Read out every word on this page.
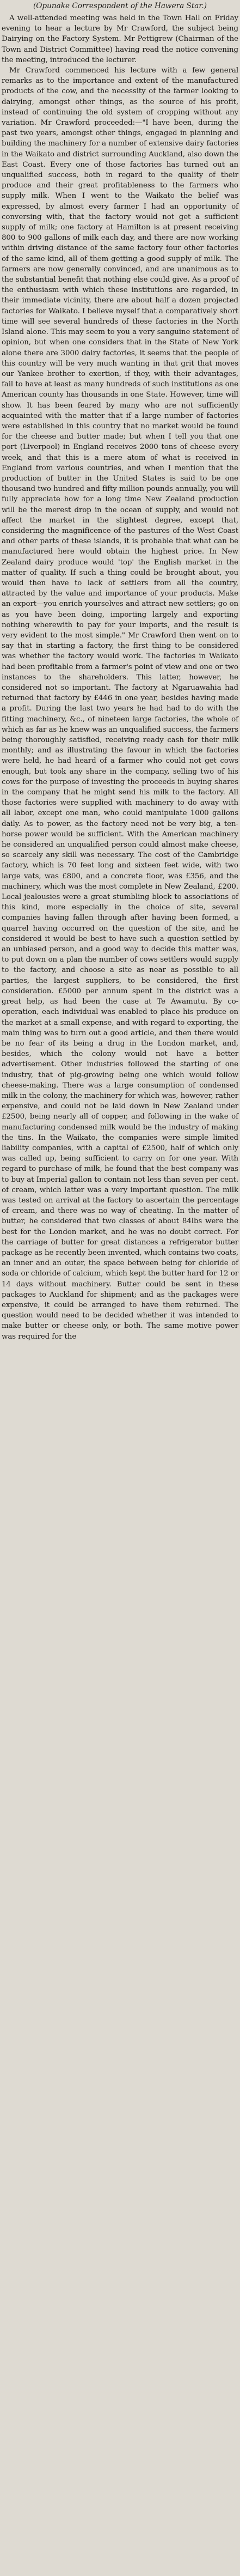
(Opunake Correspondent of the Hawera Star.)

A well-attended meeting was held in the Town Hall on Friday evening to hear a lecture by Mr Crawford, the subject being Dairying on the Factory System. Mr Pettigrew (Chairman of the Town and District Committee) having read the notice convening the meeting, introduced the lecturer.

Mr Crawford commenced his lecture with a few general remarks as to the importance and extent of the manufactured products of the cow, and the necessity of the farmer looking to dairying, amongst other things, as the source of his profit, instead of continuing the old system of cropping without any variation. Mr Crawford proceeded:—"I have been, during the past two years, amongst other things, engaged in planning and building the machinery for a number of extensive dairy factories in the Waikato and district surrounding Auckland, also down the East Coast. Every one of those factories has turned out an unqualified success, both in regard to the quality of their produce and their great profitableness to the farmers who supply milk. When I went to the Waikato the belief was expressed, by almost every farmer I had an opportunity of conversing with, that the factory would not get a sufficient supply of milk; one factory at Hamilton is at present receiving 800 to 900 gallons of milk each day, and there are now working within driving distance of the same factory four other factories of the same kind, all of them getting a good supply of milk. The farmers are now generally convinced, and are unanimous as to the substantial benefit that nothing else could give. As a proof of the enthusiasm with which these institutions are regarded, in their immediate vicinity, there are about half a dozen projected factories for Waikato. I believe myself that a comparatively short time will see several hundreds of these factories in the North Island alone. This may seem to you a very sanguine statement of opinion, but when one considers that in the State of New York alone there are 3000 dairy factories, it seems that the people of this country will be very much wanting in that grit that moves our Yankee brother to exertion, if they, with their advantages, fail to have at least as many hundreds of such institutions as one American county has thousands in one State. However, time will show. It has been feared by many who are not sufficiently acquainted with the matter that if a large number of factories were established in this country that no market would be found for the cheese and butter made; but when I tell you that one port (Liverpool) in England receives 2000 tons of cheese every week, and that this is a mere atom of what is received in England from various countries, and when I mention that the production of butter in the United States is said to be one thousand two hundred and fifty million pounds annually, you will fully appreciate how for a long time New Zealand production will be the merest drop in the ocean of supply, and would not affect the market in the slightest degree, except that, considering the magnificence of the pastures of the West Coast and other parts of these islands, it is probable that what can be manufactured here would obtain the highest price. In New Zealand dairy produce would 'top' the English market in the matter of quality. If such a thing could be brought about, you would then have to lack of settlers from all the country, attracted by the value and importance of your products. Make an export—you enrich yourselves and attract new settlers; go on as you have been doing, importing largely and exporting nothing wherewith to pay for your imports, and the result is very evident to the most simple." Mr Crawford then went on to say that in starting a factory, the first thing to be considered was whether the factory would work. The factories in Waikato had been profitable from a farmer's point of view and one or two instances to the shareholders. This latter, however, he considered not so important. The factory at Ngaruawahia had returned that factory by £446 in one year, besides having made a profit. During the last two years he had had to do with the fitting machinery, &c., of nineteen large factories, the whole of which as far as he knew was an unqualified success, the farmers being thoroughly satisfied, receiving ready cash for their milk monthly; and as illustrating the favour in which the factories were held, he had heard of a farmer who could not get cows enough, but took any share in the company, selling two of his cows for the purpose of investing the proceeds in buying shares in the company that he might send his milk to the factory. All those factories were supplied with machinery to do away with all labor, except one man, who could manipulate 1000 gallons daily. As to power, as the factory need not be very big, a ten-horse power would be sufficient. With the American machinery he considered an unqualified person could almost make cheese, so scarcely any skill was necessary. The cost of the Cambridge factory, which is 70 feet long and sixteen feet wide, with two large vats, was £800, and a concrete floor, was £356, and the machinery, which was the most complete in New Zealand, £200. Local jealousies were a great stumbling block to associations of this kind, more especially in the choice of site, several companies having fallen through after having been formed, a quarrel having occurred on the question of the site, and he considered it would be best to have such a question settled by an unbiased person, and a good way to decide this matter was, to put down on a plan the number of cows settlers would supply to the factory, and choose a site as near as possible to all parties, the largest suppliers, to be considered, the first consideration. £5000 per annum spent in the district was a great help, as had been the case at Te Awamutu. By co-operation, each individual was enabled to place his produce on the market at a small expense, and with regard to exporting, the main thing was to turn out a good article, and then there would be no fear of its being a drug in the London market, and, besides, which the colony would not have a better advertisement. Other industries followed the starting of one industry, that of pig-growing being one which would follow cheese-making. There was a large consumption of condensed milk in the colony, the machinery for which was, however, rather expensive, and could not be laid down in New Zealand under £2500, being nearly all of copper, and following in the wake of manufacturing condensed milk would be the industry of making the tins. In the Waikato, the companies were simple limited liability companies, with a capital of £2500, half of which only was called up, being sufficient to carry on for one year. With regard to purchase of milk, he found that the best company was to buy at Imperial gallon to contain not less than seven per cent. of cream, which latter was a very important question. The milk was tested on arrival at the factory to ascertain the percentage of cream, and there was no way of cheating. In the matter of butter, he considered that two classes of about 84lbs were the best for the London market, and he was no doubt correct. For the carriage of butter for great distances a refrigerator butter package as he recently been invented, which contains two coats, an inner and an outer, the space between being for chloride of soda or chloride of calcium, which kept the butter hard for 12 or 14 days without machinery. Butter could be sent in these packages to Auckland for shipment; and as the packages were expensive, it could be arranged to have them returned. The question would need to be decided whether it was intended to make butter or cheese only, or both. The same motive power was required for the
